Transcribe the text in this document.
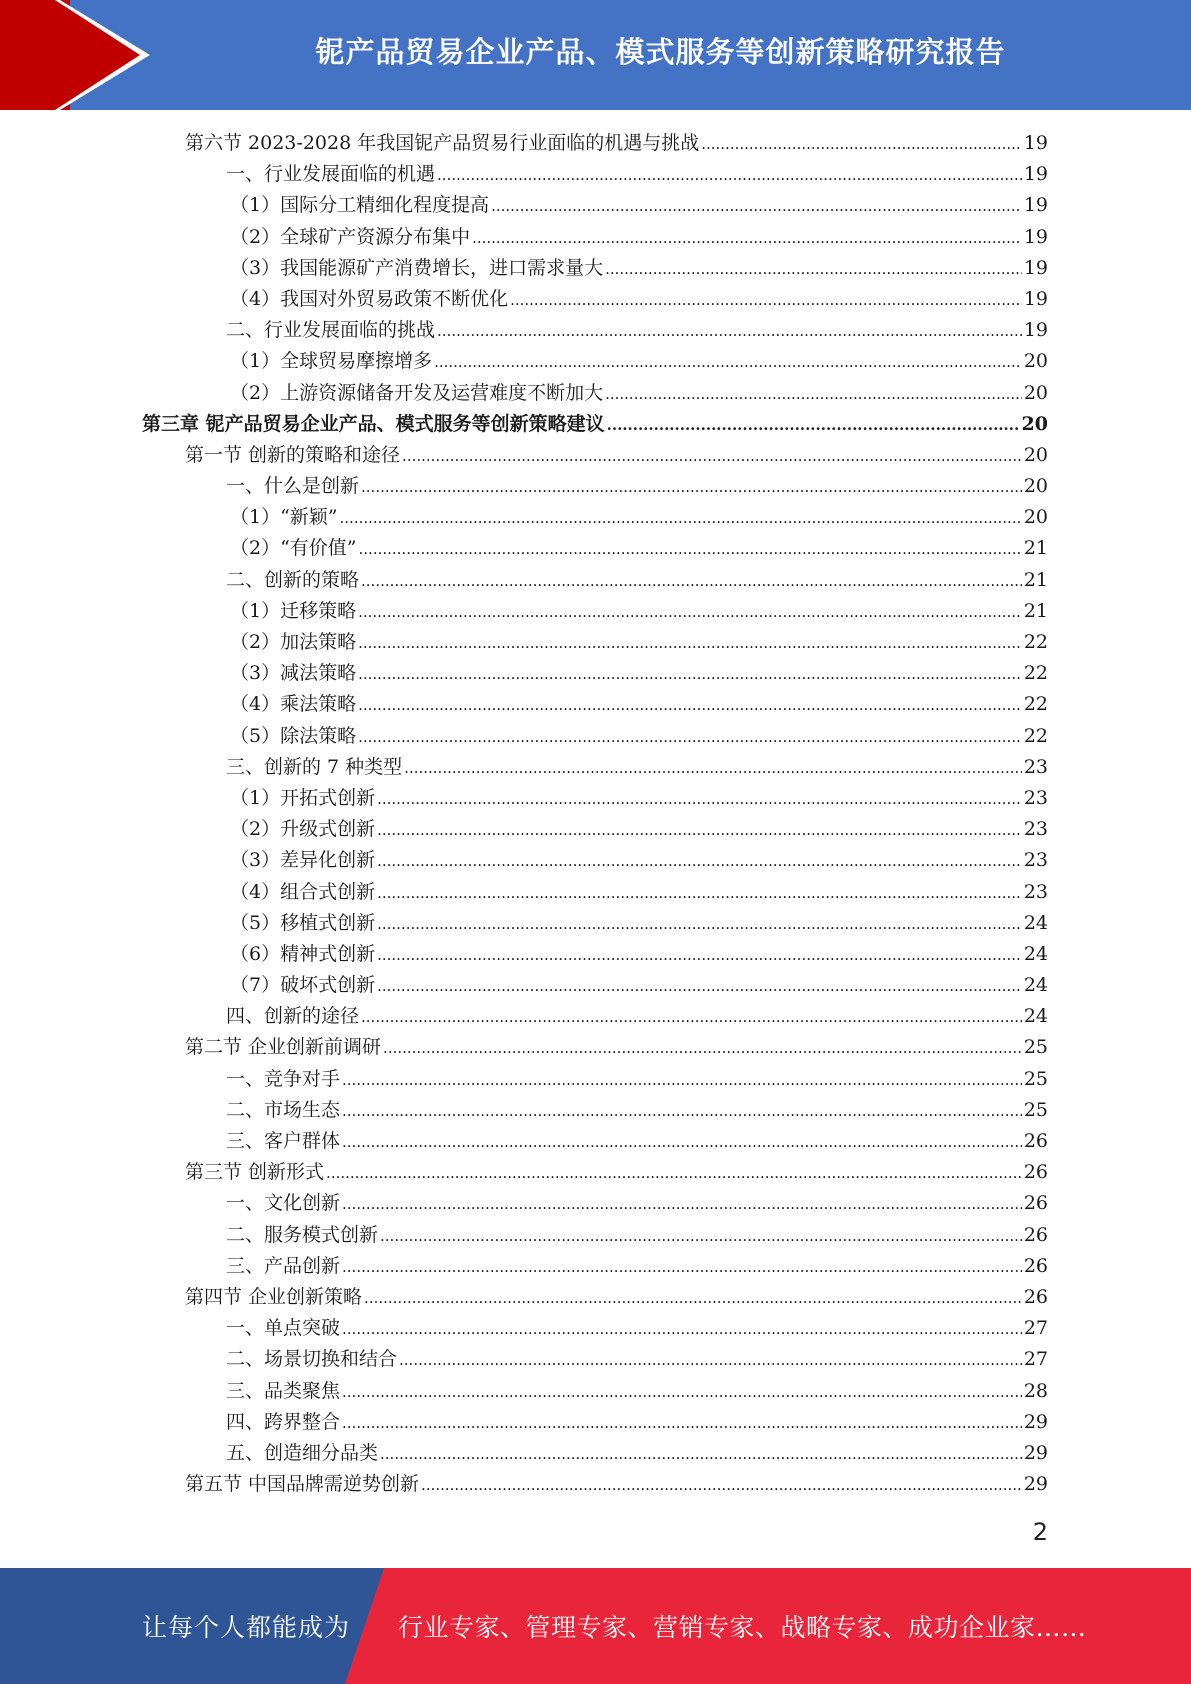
铌产品贸易企业产品、模式服务等创新策略研究报告
第六节 2023-2028 年我国铌产品贸易行业面临的机遇与挑战 .....	19
一、行业发展面临的机遇 .....	19
（1）国际分工精细化程度提高 .....	19
（2）全球矿产资源分布集中 .....	19
（3）我国能源矿产消费增长，进口需求量大 .....	19
（4）我国对外贸易政策不断优化 .....	19
二、行业发展面临的挑战 .....	19
（1）全球贸易摩擦增多 .....	20
（2）上游资源储备开发及运营难度不断加大 .....	20
第三章 铌产品贸易企业产品、模式服务等创新策略建议 .....	20
第一节 创新的策略和途径 .....	20
一、什么是创新 .....	20
（1）“新颖” .....	20
（2）“有价值” .....	21
二、创新的策略 .....	21
（1）迁移策略 .....	21
（2）加法策略 .....	22
（3）减法策略 .....	22
（4）乘法策略 .....	22
（5）除法策略 .....	22
三、创新的 7 种类型 .....	23
（1）开拓式创新 .....	23
（2）升级式创新 .....	23
（3）差异化创新 .....	23
（4）组合式创新 .....	23
（5）移植式创新 .....	24
（6）精神式创新 .....	24
（7）破坏式创新 .....	24
四、创新的途径 .....	24
第二节 企业创新前调研 .....	25
一、竞争对手 .....	25
二、市场生态 .....	25
三、客户群体 .....	26
第三节 创新形式 .....	26
一、文化创新 .....	26
二、服务模式创新 .....	26
三、产品创新 .....	26
第四节 企业创新策略 .....	26
一、单点突破 .....	27
二、场景切换和结合 .....	27
三、品类聚焦 .....	28
四、跨界整合 .....	29
五、创造细分品类 .....	29
第五节 中国品牌需逆势创新 .....	29
2
让每个人都能成为	行业专家、管理专家、营销专家、战略专家、成功企业家……
